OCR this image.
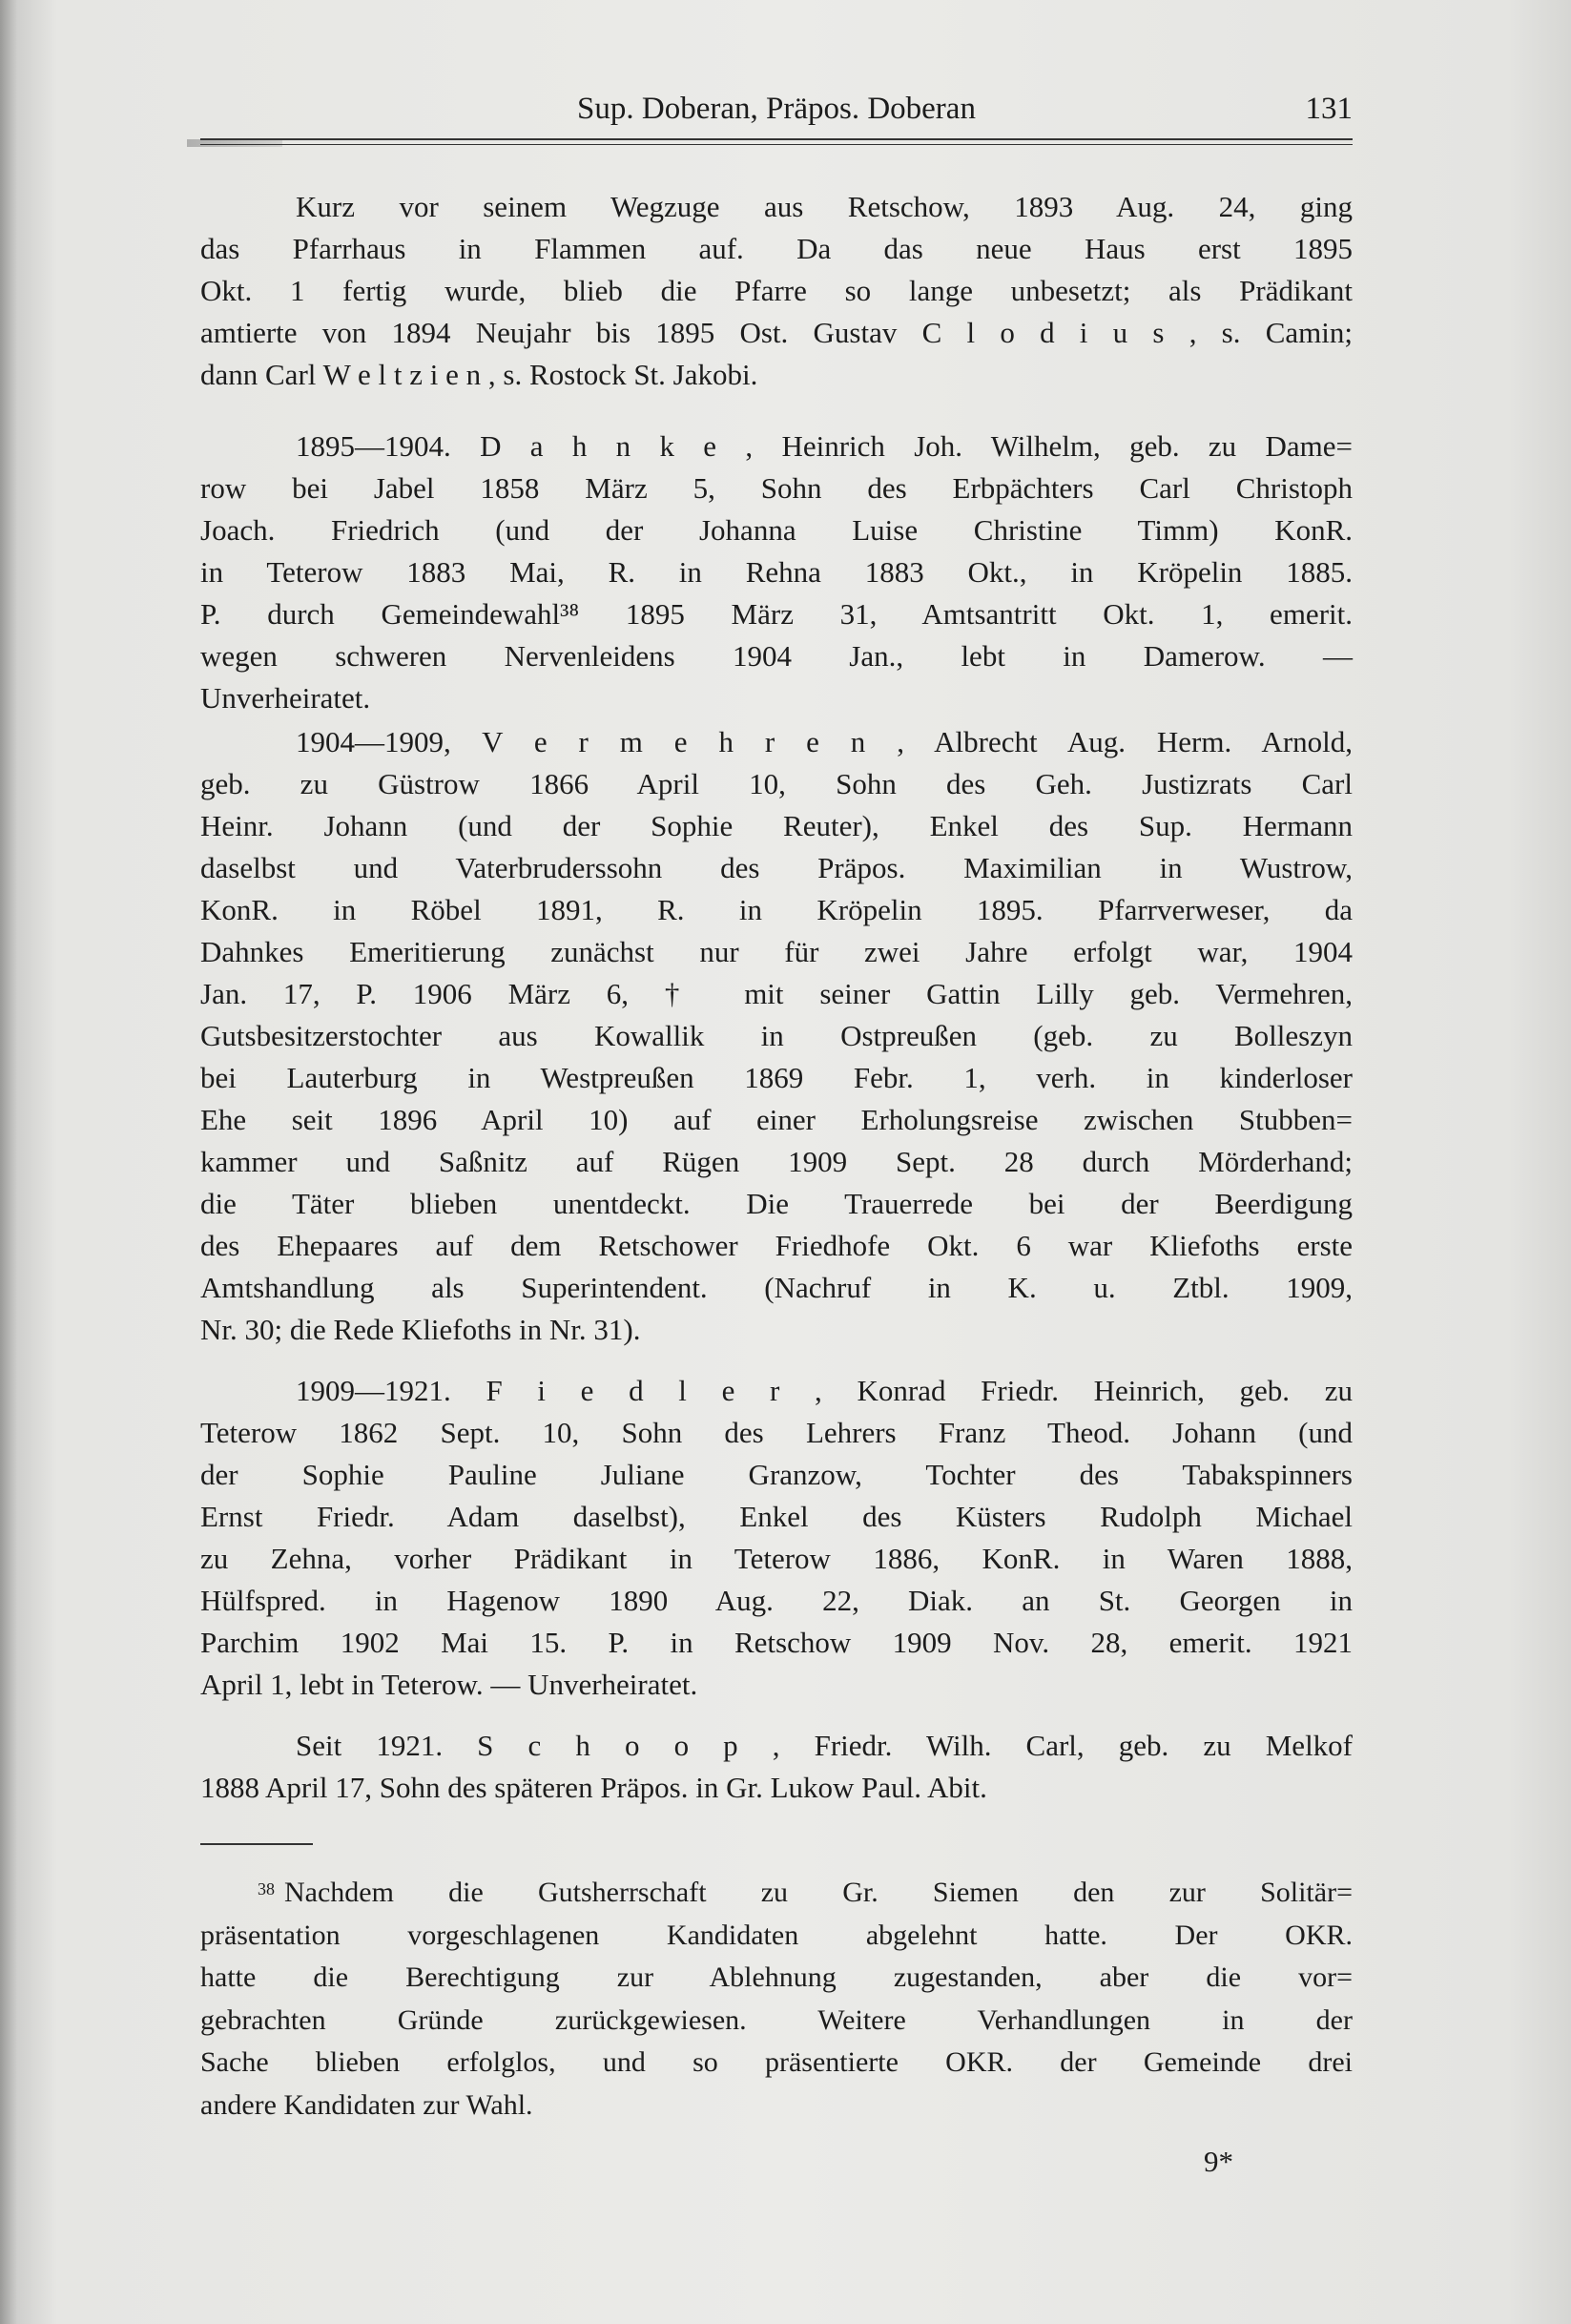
Sup. Doberan, Präpos. Doberan	131
Kurz vor seinem Wegzuge aus Retschow, 1893 Aug. 24, ging
das Pfarrhaus in Flammen auf. Da das neue Haus erst 1895
Okt. 1 fertig wurde, blieb die Pfarre so lange unbesetzt; als Prädikant
amtierte von 1894 Neujahr bis 1895 Ost. Gustav C l o d i u s , s. Camin;
dann Carl W e l t z i e n , s. Rostock St. Jakobi.
1895—1904. D a h n k e , Heinrich Joh. Wilhelm, geb. zu Dame=
row bei Jabel 1858 März 5, Sohn des Erbpächters Carl Christoph
Joach. Friedrich (und der Johanna Luise Christine Timm) KonR.
in Teterow 1883 Mai, R. in Rehna 1883 Okt., in Kröpelin 1885.
P. durch Gemeindewahl³⁸ 1895 März 31, Amtsantritt Okt. 1, emerit.
wegen schweren Nervenleidens 1904 Jan., lebt in Damerow. —
Unverheiratet.
1904—1909, V e r m e h r e n , Albrecht Aug. Herm. Arnold,
geb. zu Güstrow 1866 April 10, Sohn des Geh. Justizrats Carl
Heinr. Johann (und der Sophie Reuter), Enkel des Sup. Hermann
daselbst und Vaterbruderssohn des Präpos. Maximilian in Wustrow,
KonR. in Röbel 1891, R. in Kröpelin 1895. Pfarrverweser, da
Dahnkes Emeritierung zunächst nur für zwei Jahre erfolgt war, 1904
Jan. 17, P. 1906 März 6, † mit seiner Gattin Lilly geb. Vermehren,
Gutsbesitzerstochter aus Kowallik in Ostpreußen (geb. zu Bolleszyn
bei Lauterburg in Westpreußen 1869 Febr. 1, verh. in kinderloser
Ehe seit 1896 April 10) auf einer Erholungsreise zwischen Stubben=
kammer und Saßnitz auf Rügen 1909 Sept. 28 durch Mörderhand;
die Täter blieben unentdeckt. Die Trauerrede bei der Beerdigung
des Ehepaares auf dem Retschower Friedhofe Okt. 6 war Kliefoths erste
Amtshandlung als Superintendent. (Nachruf in K. u. Ztbl. 1909,
Nr. 30; die Rede Kliefoths in Nr. 31).
1909—1921. F i e d l e r , Konrad Friedr. Heinrich, geb. zu
Teterow 1862 Sept. 10, Sohn des Lehrers Franz Theod. Johann (und
der Sophie Pauline Juliane Granzow, Tochter des Tabakspinners
Ernst Friedr. Adam daselbst), Enkel des Küsters Rudolph Michael
zu Zehna, vorher Prädikant in Teterow 1886, KonR. in Waren 1888,
Hülfspred. in Hagenow 1890 Aug. 22, Diak. an St. Georgen in
Parchim 1902 Mai 15. P. in Retschow 1909 Nov. 28, emerit. 1921
April 1, lebt in Teterow. — Unverheiratet.
Seit 1921. S c h o o p , Friedr. Wilh. Carl, geb. zu Melkof
1888 April 17, Sohn des späteren Präpos. in Gr. Lukow Paul. Abit.
$^{38}$ Nachdem die Gutsherrschaft zu Gr. Siemen den zur Solitär=
präsentation vorgeschlagenen Kandidaten abgelehnt hatte. Der OKR.
hatte die Berechtigung zur Ablehnung zugestanden, aber die vor=
gebrachten Gründe zurückgewiesen. Weitere Verhandlungen in der
Sache blieben erfolglos, und so präsentierte OKR. der Gemeinde drei
andere Kandidaten zur Wahl.
9*
